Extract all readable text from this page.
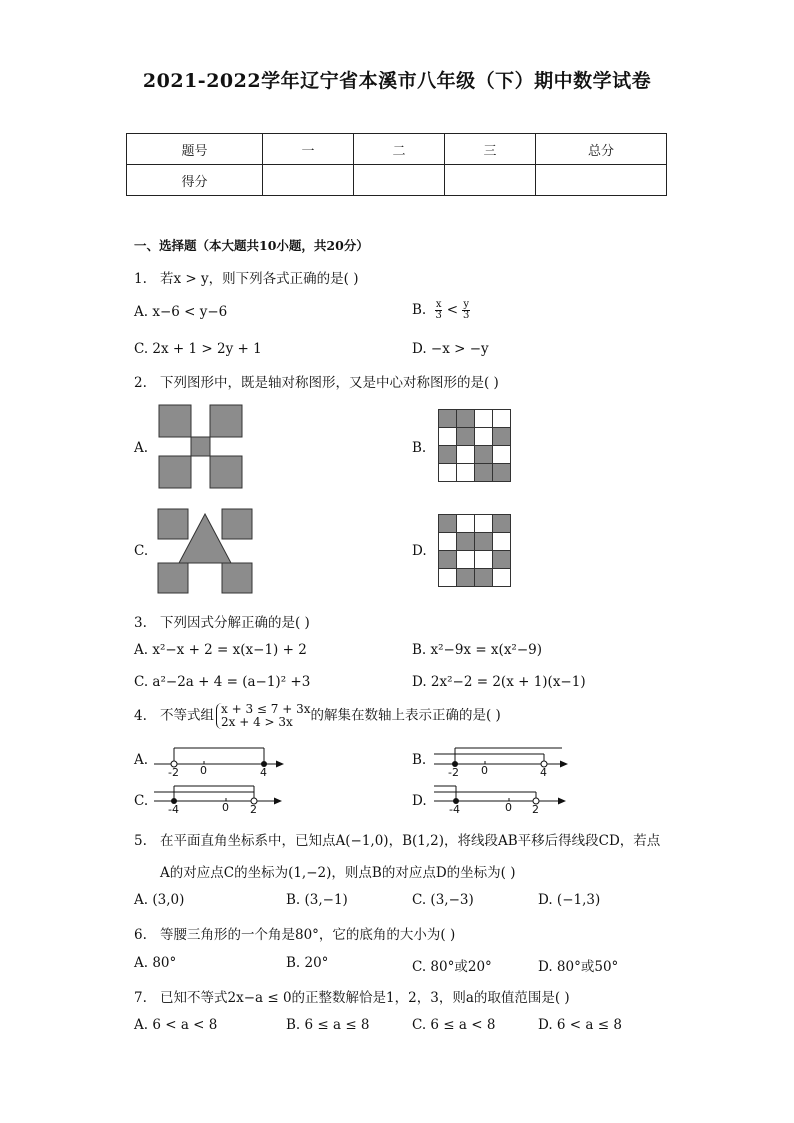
2021-2022学年辽宁省本溪市八年级（下）期中数学试卷
题号	一	二	三	总分
得分				
一、选择题（本大题共10小题，共20分）
1. 若x > y，则下列各式正确的是( )
A. x−6 < y−6	B. $\frac{x}{3} < \frac{y}{3}$
C. 2x + 1 > 2y + 1	D. −x > −y
2. 下列图形中，既是轴对称图形，又是中心对称图形的是( )
A.	B.
C.	D.
3. 下列因式分解正确的是( )
A. x²−x + 2 = x(x−1) + 2	B. x²−9x = x(x²−9)
C. a²−2a + 4 = (a−1)² +3	D. 2x²−2 = 2(x + 1)(x−1)
4. 不等式组 x + 3 ≤ 7 + 3x
2x + 4 > 3x	的解集在数轴上表示正确的是( )
A.
-2 0	4
B.
-2 0	4
C.
-4	0 2
D.
-4	0 2
5. 在平面直角坐标系中，已知点A(−1,0)，B(1,2)，将线段AB平移后得线段CD，若点
A的对应点C的坐标为(1,−2)，则点B的对应点D的坐标为( )
A. (3,0)	B. (3,−1)	C. (3,−3)	D. (−1,3)
6. 等腰三角形的一个角是80°，它的底角的大小为( )
A. 80°	B. 20°	C. 80°或20°	D. 80°或50°
7. 已知不等式2x−a ≤ 0的正整数解恰是1，2，3，则a的取值范围是( )
A. 6 < a < 8	B. 6 ≤ a ≤ 8	C. 6 ≤ a < 8	D. 6 < a ≤ 8
